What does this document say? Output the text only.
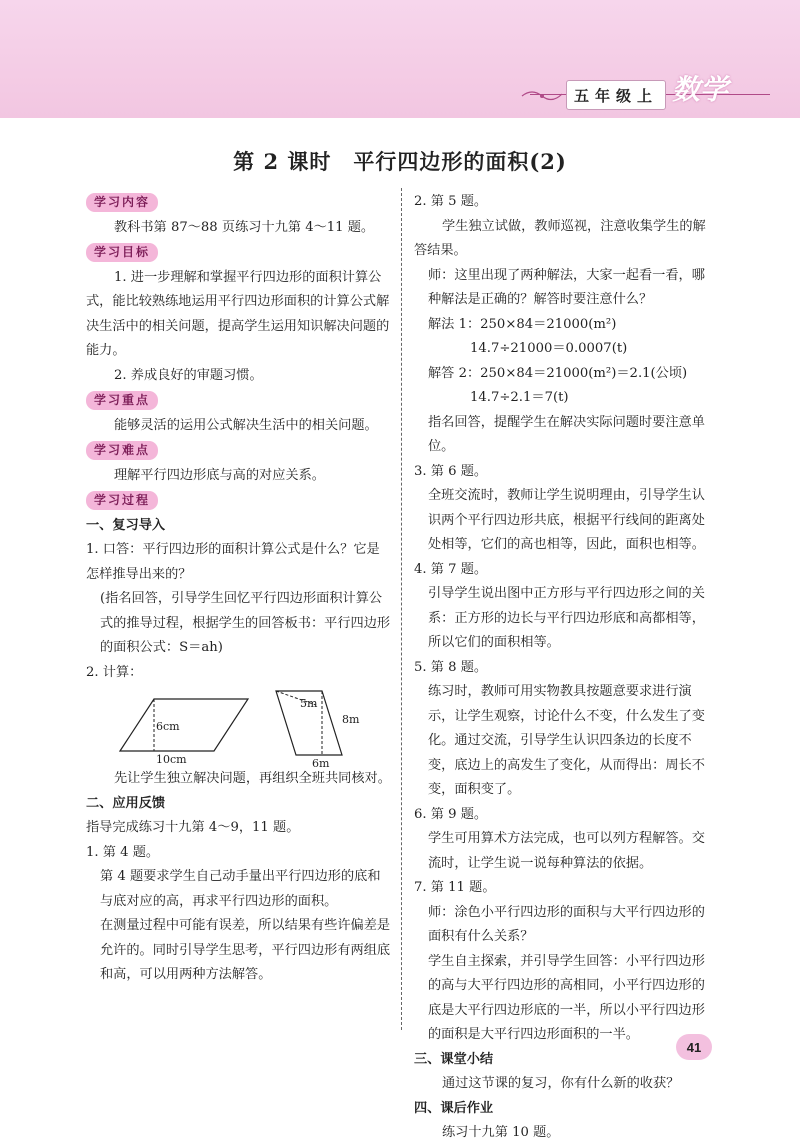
五年级上 数学
第 2 课时　平行四边形的面积(2)
学习内容

教科书第 87～88 页练习十九第 4～11 题。

学习目标

1. 进一步理解和掌握平行四边形的面积计算公式，能比较熟练地运用平行四边形面积的计算公式解决生活中的相关问题，提高学生运用知识解决问题的能力。

2. 养成良好的审题习惯。

学习重点

能够灵活的运用公式解决生活中的相关问题。

学习难点

理解平行四边形底与高的对应关系。

学习过程

一、复习导入

1. 口答：平行四边形的面积计算公式是什么？它是怎样推导出来的？

(指名回答，引导学生回忆平行四边形面积计算公式的推导过程，根据学生的回答板书：平行四边形的面积公式：S＝ah)

2. 计算：

6cm
10cm
5m
8m
6m

先让学生独立解决问题，再组织全班共同核对。

二、应用反馈

指导完成练习十九第 4～9，11 题。

1. 第 4 题。

第 4 题要求学生自己动手量出平行四边形的底和与底对应的高，再求平行四边形的面积。

在测量过程中可能有误差，所以结果有些许偏差是允许的。同时引导学生思考，平行四边形有两组底和高，可以用两种方法解答。

2. 第 5 题。

学生独立试做，教师巡视，注意收集学生的解答结果。

师：这里出现了两种解法，大家一起看一看，哪种解法是正确的？解答时要注意什么？

解法 1：250×84＝21000(m²)

14.7÷21000＝0.0007(t)

解答 2：250×84＝21000(m²)＝2.1(公顷)

14.7÷2.1＝7(t)

指名回答，提醒学生在解决实际问题时要注意单位。

3. 第 6 题。

全班交流时，教师让学生说明理由，引导学生认识两个平行四边形共底，根据平行线间的距离处处相等，它们的高也相等，因此，面积也相等。

4. 第 7 题。

引导学生说出图中正方形与平行四边形之间的关系：正方形的边长与平行四边形底和高都相等，所以它们的面积相等。

5. 第 8 题。

练习时，教师可用实物教具按题意要求进行演示，让学生观察，讨论什么不变，什么发生了变化。通过交流，引导学生认识四条边的长度不变，底边上的高发生了变化，从而得出：周长不变，面积变了。

6. 第 9 题。

学生可用算术方法完成，也可以列方程解答。交流时，让学生说一说每种算法的依据。

7. 第 11 题。

师：涂色小平行四边形的面积与大平行四边形的面积有什么关系？

学生自主探索，并引导学生回答：小平行四边形的高与大平行四边形的高相同，小平行四边形的底是大平行四边形底的一半，所以小平行四边形的面积是大平行四边形面积的一半。

三、课堂小结

通过这节课的复习，你有什么新的收获？

四、课后作业

练习十九第 10 题。

41
